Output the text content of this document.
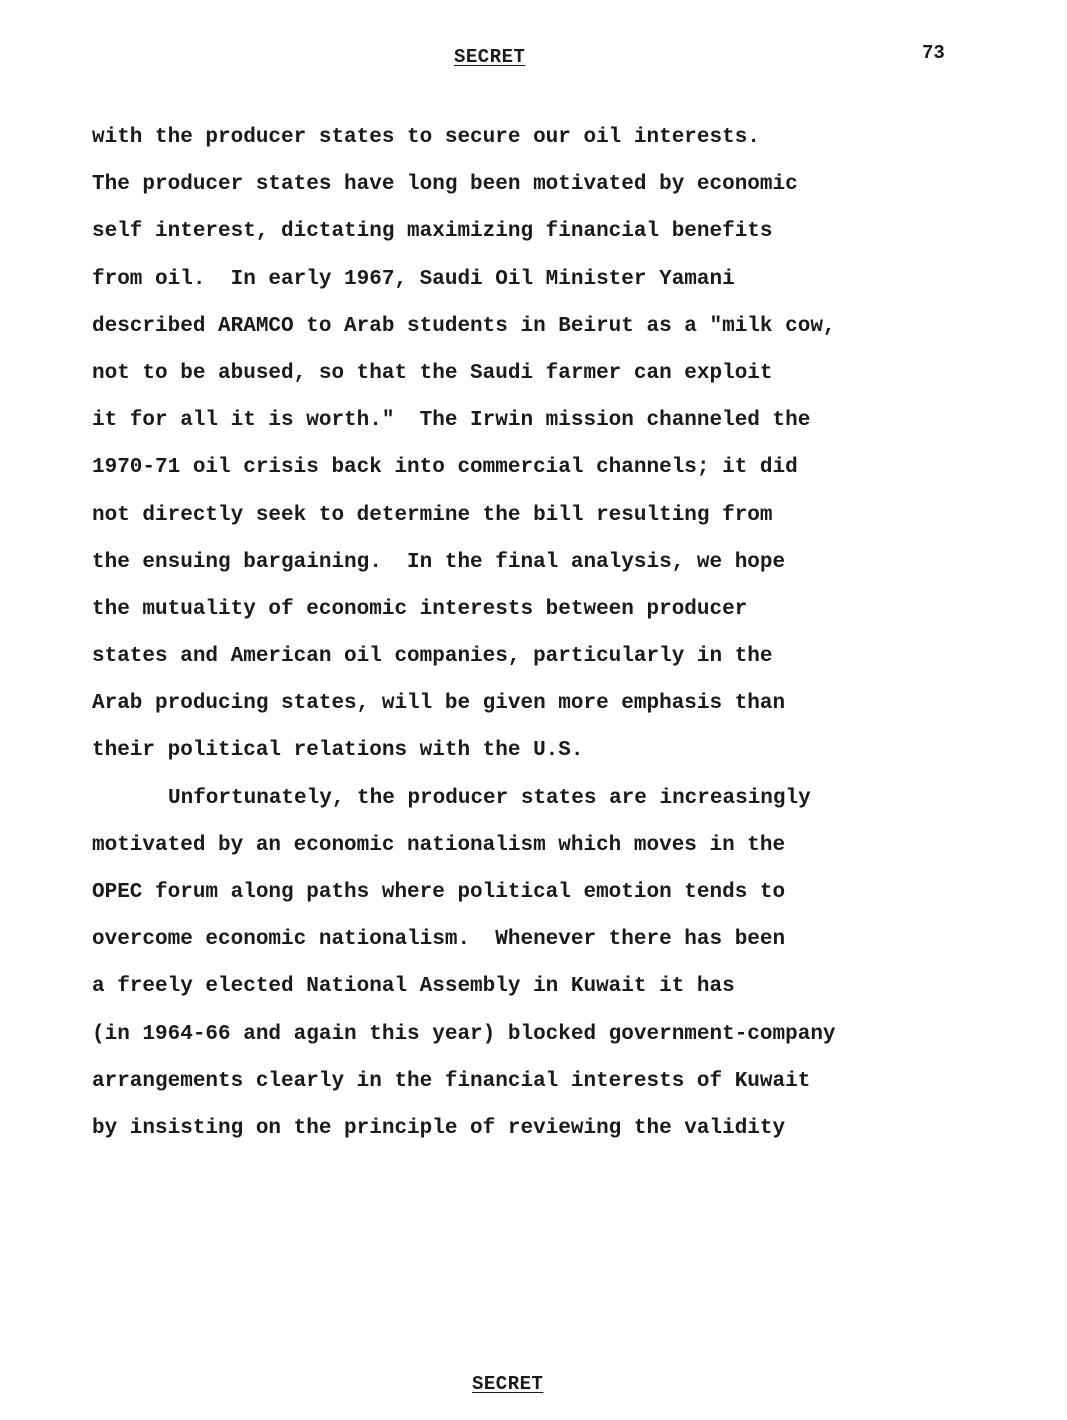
SECRET	73
with the producer states to secure our oil interests.
The producer states have long been motivated by economic
self interest, dictating maximizing financial benefits
from oil.  In early 1967, Saudi Oil Minister Yamani
described ARAMCO to Arab students in Beirut as a "milk cow,
not to be abused, so that the Saudi farmer can exploit
it for all it is worth."  The Irwin mission channeled the
1970-71 oil crisis back into commercial channels; it did
not directly seek to determine the bill resulting from
the ensuing bargaining.  In the final analysis, we hope
the mutuality of economic interests between producer
states and American oil companies, particularly in the
Arab producing states, will be given more emphasis than
their political relations with the U.S.
Unfortunately, the producer states are increasingly
motivated by an economic nationalism which moves in the
OPEC forum along paths where political emotion tends to
overcome economic nationalism.  Whenever there has been
a freely elected National Assembly in Kuwait it has
(in 1964-66 and again this year) blocked government-company
arrangements clearly in the financial interests of Kuwait
by insisting on the principle of reviewing the validity
SECRET
